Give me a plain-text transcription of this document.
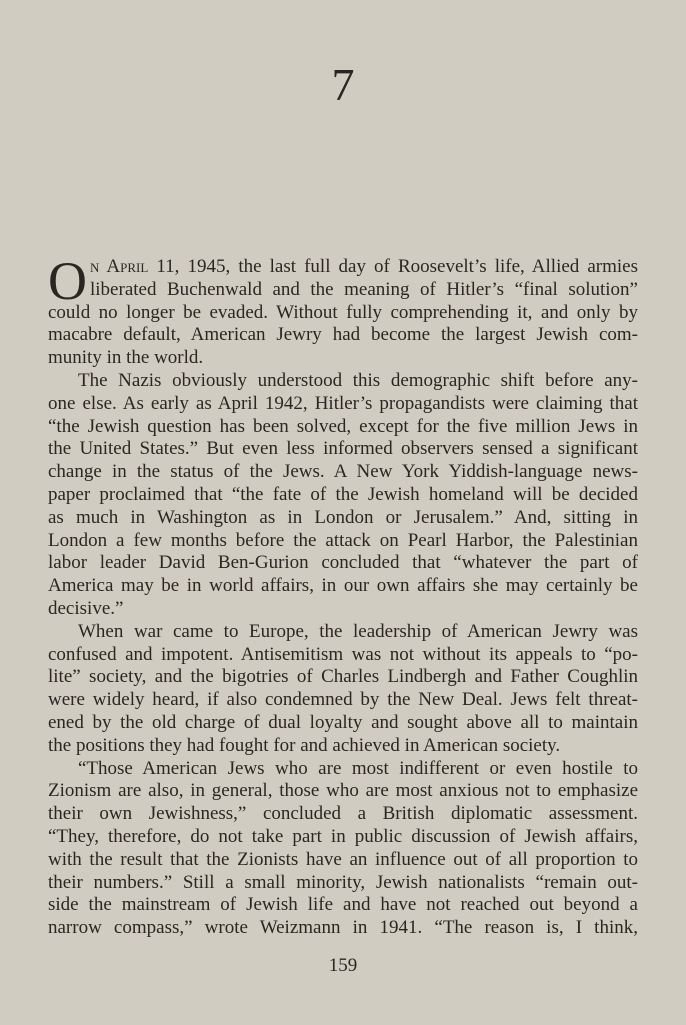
7
O n April 11, 1945, the last full day of Roosevelt’s life, Allied armies
liberated Buchenwald and the meaning of Hitler’s “final solution”
could no longer be evaded. Without fully comprehending it, and only by
macabre default, American Jewry had become the largest Jewish com-
munity in the world.
The Nazis obviously understood this demographic shift before any-
one else. As early as April 1942, Hitler’s propagandists were claiming that
“the Jewish question has been solved, except for the five million Jews in
the United States.” But even less informed observers sensed a significant
change in the status of the Jews. A New York Yiddish-language news-
paper proclaimed that “the fate of the Jewish homeland will be decided
as much in Washington as in London or Jerusalem.” And, sitting in
London a few months before the attack on Pearl Harbor, the Palestinian
labor leader David Ben-Gurion concluded that “whatever the part of
America may be in world affairs, in our own affairs she may certainly be
decisive.”
When war came to Europe, the leadership of American Jewry was
confused and impotent. Antisemitism was not without its appeals to “po-
lite” society, and the bigotries of Charles Lindbergh and Father Coughlin
were widely heard, if also condemned by the New Deal. Jews felt threat-
ened by the old charge of dual loyalty and sought above all to maintain
the positions they had fought for and achieved in American society.
“Those American Jews who are most indifferent or even hostile to
Zionism are also, in general, those who are most anxious not to emphasize
their own Jewishness,” concluded a British diplomatic assessment.
“They, therefore, do not take part in public discussion of Jewish affairs,
with the result that the Zionists have an influence out of all proportion to
their numbers.” Still a small minority, Jewish nationalists “remain out-
side the mainstream of Jewish life and have not reached out beyond a
narrow compass,” wrote Weizmann in 1941. “The reason is, I think,
159
